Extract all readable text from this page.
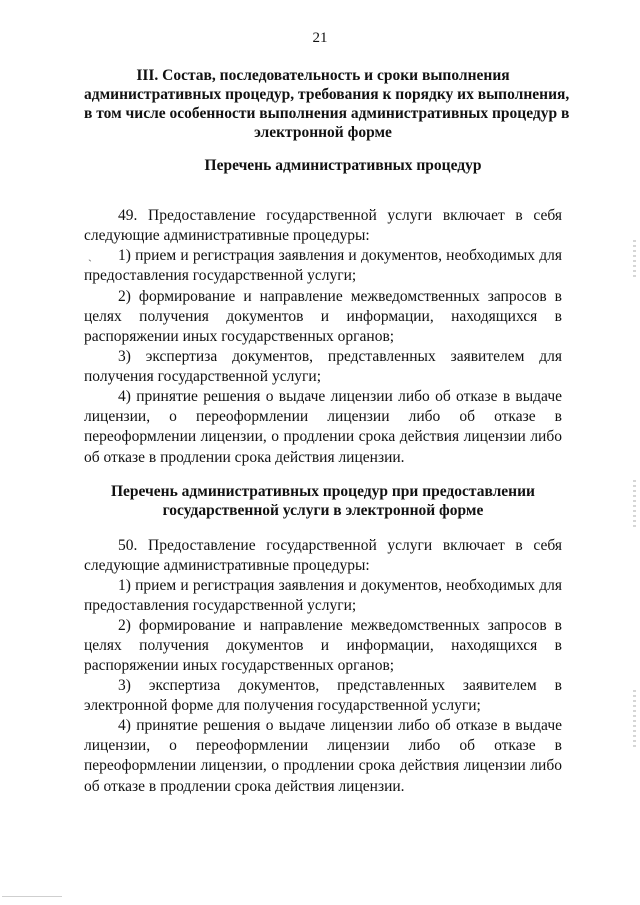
21
III. Состав, последовательность и сроки выполнения
административных процедур, требования к порядку их выполнения,
в том числе особенности выполнения административных процедур в
электронной форме
Перечень административных процедур
49. Предоставление государственной услуги включает в себя следующие административные процедуры:
ˎ	1) прием и регистрация заявления и документов, необходимых для предоставления государственной услуги;
2) формирование и направление межведомственных запросов в целях получения документов и информации, находящихся в распоряжении иных государственных органов;
3) экспертиза документов, представленных заявителем для получения государственной услуги;
4) принятие решения о выдаче лицензии либо об отказе в выдаче лицензии, о переоформлении лицензии либо об отказе в переоформлении лицензии, о продлении срока действия лицензии либо об отказе в продлении срока действия лицензии.
Перечень административных процедур при предоставлении
государственной услуги в электронной форме
50. Предоставление государственной услуги включает в себя следующие административные процедуры:
1) прием и регистрация заявления и документов, необходимых для предоставления государственной услуги;
2) формирование и направление межведомственных запросов в целях получения документов и информации, находящихся в распоряжении иных государственных органов;
3) экспертиза документов, представленных заявителем в электронной форме для получения государственной услуги;
4) принятие решения о выдаче лицензии либо об отказе в выдаче лицензии, о переоформлении лицензии либо об отказе в переоформлении лицензии, о продлении срока действия лицензии либо об отказе в продлении срока действия лицензии.
